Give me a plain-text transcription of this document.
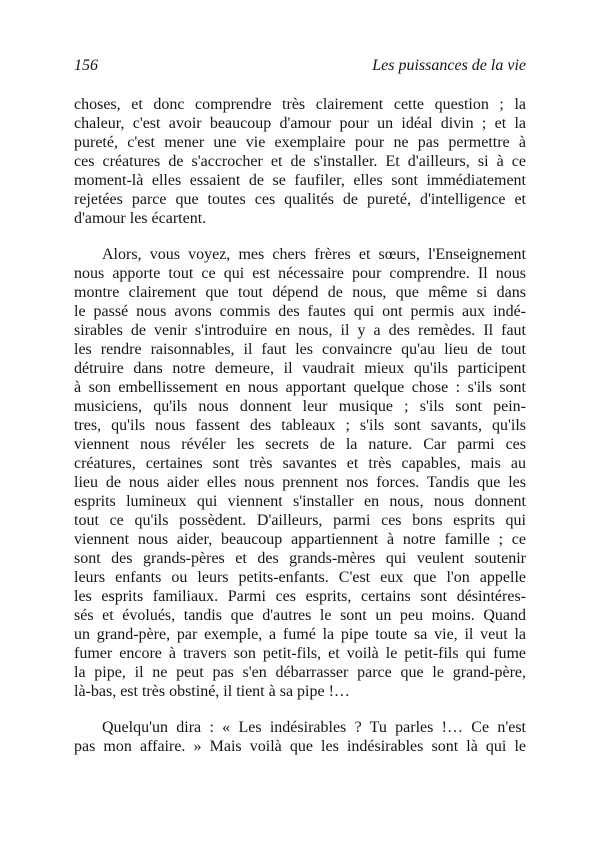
156	Les puissances de la vie
choses, et donc comprendre très clairement cette question ; la
chaleur, c'est avoir beaucoup d'amour pour un idéal divin ; et la
pureté, c'est mener une vie exemplaire pour ne pas permettre à
ces créatures de s'accrocher et de s'installer. Et d'ailleurs, si à ce
moment-là elles essaient de se faufiler, elles sont immédiatement
rejetées parce que toutes ces qualités de pureté, d'intelligence et
d'amour les écartent.
Alors, vous voyez, mes chers frères et sœurs, l'Enseignement
nous apporte tout ce qui est nécessaire pour comprendre. Il nous
montre clairement que tout dépend de nous, que même si dans
le passé nous avons commis des fautes qui ont permis aux indé-
sirables de venir s'introduire en nous, il y a des remèdes. Il faut
les rendre raisonnables, il faut les convaincre qu'au lieu de tout
détruire dans notre demeure, il vaudrait mieux qu'ils participent
à son embellissement en nous apportant quelque chose : s'ils sont
musiciens, qu'ils nous donnent leur musique ; s'ils sont pein-
tres, qu'ils nous fassent des tableaux ; s'ils sont savants, qu'ils
viennent nous révéler les secrets de la nature. Car parmi ces
créatures, certaines sont très savantes et très capables, mais au
lieu de nous aider elles nous prennent nos forces. Tandis que les
esprits lumineux qui viennent s'installer en nous, nous donnent
tout ce qu'ils possèdent. D'ailleurs, parmi ces bons esprits qui
viennent nous aider, beaucoup appartiennent à notre famille ; ce
sont des grands-pères et des grands-mères qui veulent soutenir
leurs enfants ou leurs petits-enfants. C'est eux que l'on appelle
les esprits familiaux. Parmi ces esprits, certains sont désintéres-
sés et évolués, tandis que d'autres le sont un peu moins. Quand
un grand-père, par exemple, a fumé la pipe toute sa vie, il veut la
fumer encore à travers son petit-fils, et voilà le petit-fils qui fume
la pipe, il ne peut pas s'en débarrasser parce que le grand-père,
là-bas, est très obstiné, il tient à sa pipe !…
Quelqu'un dira : « Les indésirables ? Tu parles !… Ce n'est
pas mon affaire. » Mais voilà que les indésirables sont là qui le
